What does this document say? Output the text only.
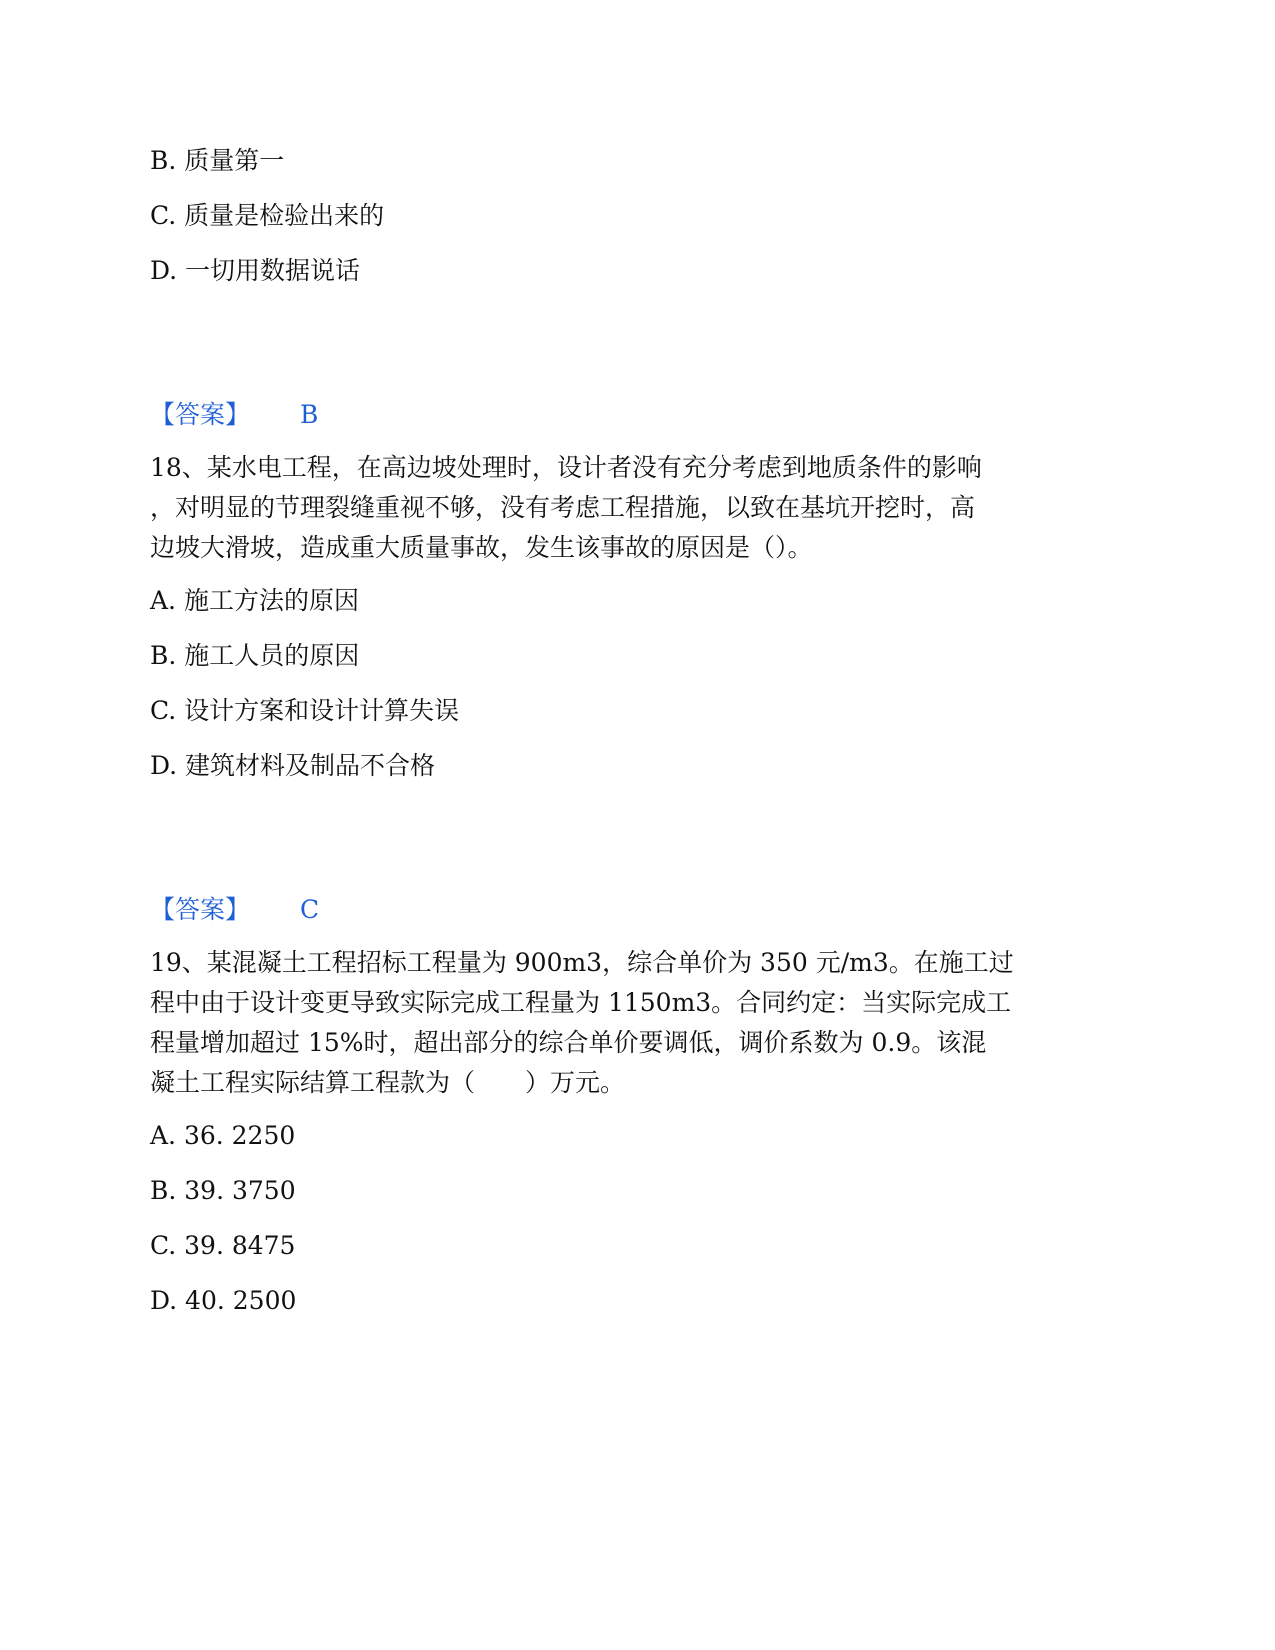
B. 质量第一
C. 质量是检验出来的
D. 一切用数据说话
【答案】 B
18、某水电工程，在高边坡处理时，设计者没有充分考虑到地质条件的影响
，对明显的节理裂缝重视不够，没有考虑工程措施，以致在基坑开挖时，高
边坡大滑坡，造成重大质量事故，发生该事故的原因是（）。
A. 施工方法的原因
B. 施工人员的原因
C. 设计方案和设计计算失误
D. 建筑材料及制品不合格
【答案】 C
19、某混凝土工程招标工程量为 900m3，综合单价为 350 元/m3。在施工过
程中由于设计变更导致实际完成工程量为 1150m3。合同约定：当实际完成工
程量增加超过 15%时，超出部分的综合单价要调低，调价系数为 0.9。该混
凝土工程实际结算工程款为（　　）万元。
A. 36. 2250
B. 39. 3750
C. 39. 8475
D. 40. 2500
